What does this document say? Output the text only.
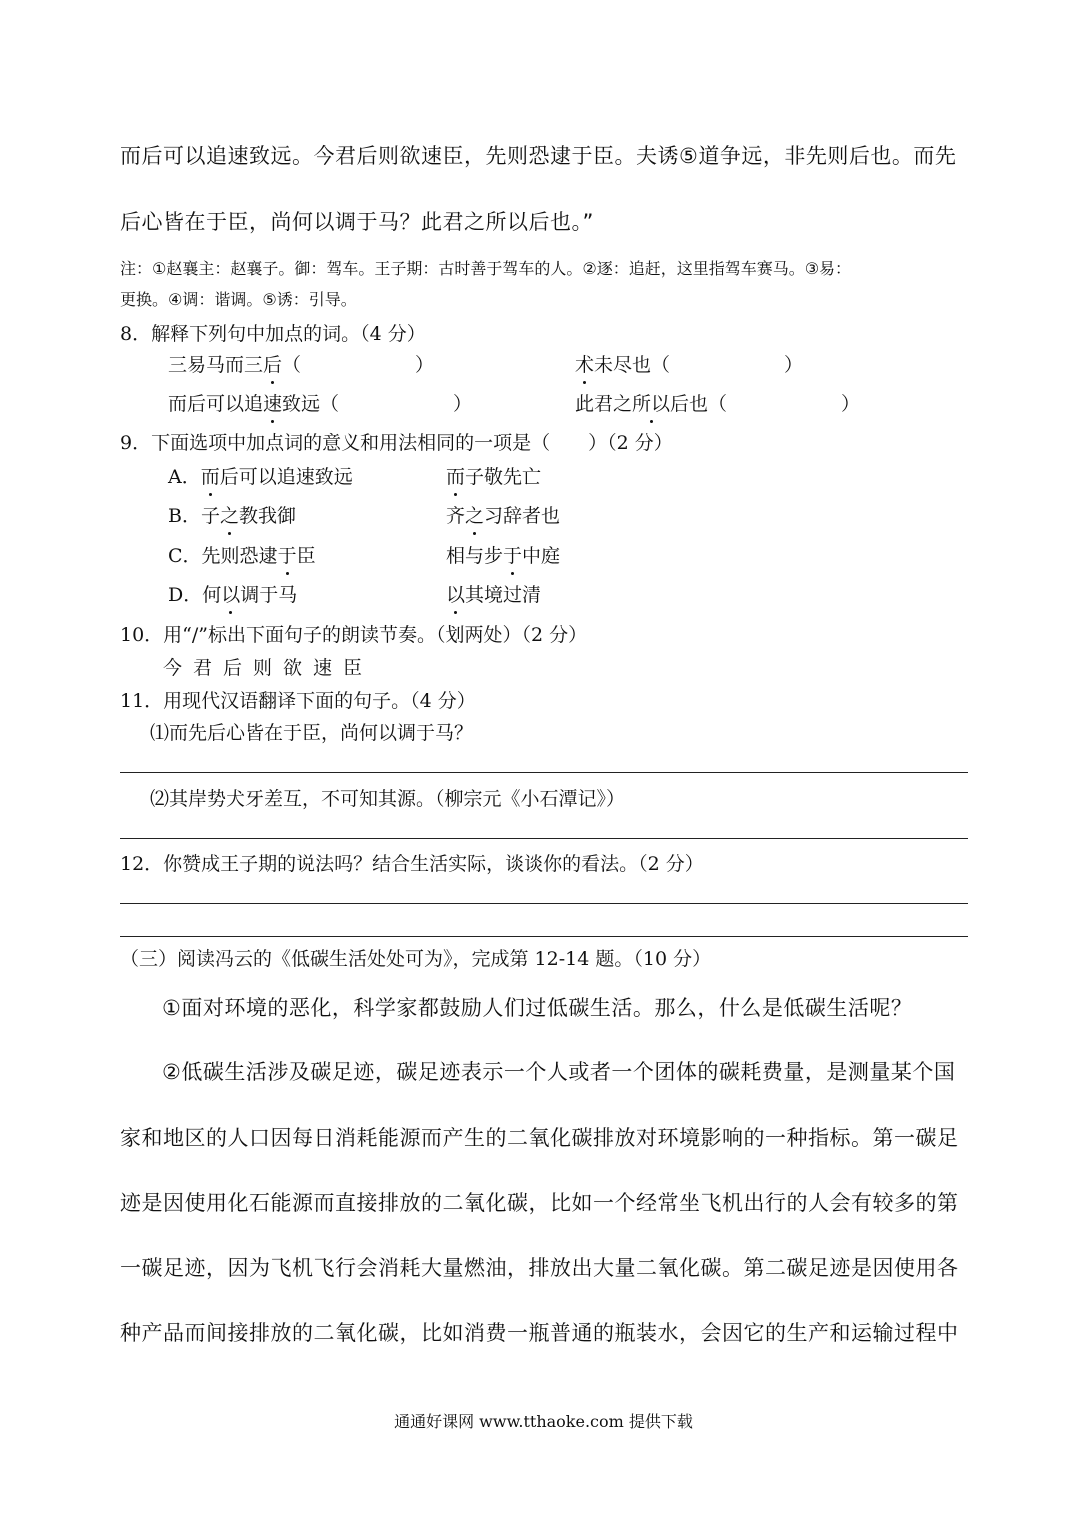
而后可以追速致远。今君后则欲速臣，先则恐逮于臣。夫诱⑤道争远，非先则后也。而先
后心皆在于臣，尚何以调于马？此君之所以后也。”
注：①赵襄主：赵襄子。御：驾车。王子期：古时善于驾车的人。②逐：追赶，这里指驾车赛马。③易：
更换。④调：谐调。⑤诱：引导。
8．解释下列句中加点的词。（4 分）
三易马而三后（　　　　　　）	术未尽也（　　　　　　）
而后可以追速致远（　　　　　　）	此君之所以后也（　　　　　　）
9．下面选项中加点词的意义和用法相同的一项是（　　）（2 分）
A．而后可以追速致远	而子敬先亡
B．子之教我御	齐之习辞者也
C．先则恐逮于臣	相与步于中庭
D．何以调于马	以其境过清
10．用“/”标出下面句子的朗读节奏。（划两处）（2 分）
今君后则欲速臣
11．用现代汉语翻译下面的句子。（4 分）
⑴而先后心皆在于臣，尚何以调于马？
⑵其岸势犬牙差互，不可知其源。（柳宗元《小石潭记》）
12．你赞成王子期的说法吗？结合生活实际，谈谈你的看法。（2 分）
（三）阅读冯云的《低碳生活处处可为》，完成第 12-14 题。（10 分）
①面对环境的恶化，科学家都鼓励人们过低碳生活。那么，什么是低碳生活呢？
②低碳生活涉及碳足迹，碳足迹表示一个人或者一个团体的碳耗费量，是测量某个国
家和地区的人口因每日消耗能源而产生的二氧化碳排放对环境影响的一种指标。第一碳足
迹是因使用化石能源而直接排放的二氧化碳，比如一个经常坐飞机出行的人会有较多的第
一碳足迹，因为飞机飞行会消耗大量燃油，排放出大量二氧化碳。第二碳足迹是因使用各
种产品而间接排放的二氧化碳，比如消费一瓶普通的瓶装水，会因它的生产和运输过程中
通通好课网 www.tthaoke.com 提供下载
